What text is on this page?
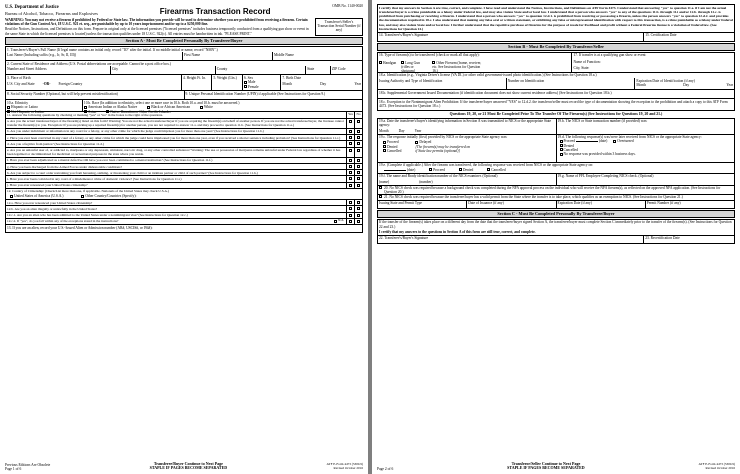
U.S. Department of Justice
Bureau of Alcohol, Tobacco, Firearms and Explosives	Firearms Transaction Record
OMB No. 1140-0020
WARNING: You may not receive a firearm if prohibited by Federal or State law. The information you provide will be used to determine whether you are prohibited from receiving a firearm. Certain violations of the Gun Control Act, 18 U.S.C. 921 et. seq., are punishable by up to 10 years imprisonment and/or up to a $250,000 fine.
Read the Notices, Instructions, and Definitions on this form. Prepare in original only at the licensed premises ("licensed premises" includes business temporarily conducted from a qualifying gun show or event in the same State in which the licensed premises is located) unless the transaction qualifies under 18 U.S.C. 922(c). All entries must be handwritten in ink. "PLEASE PRINT."
Transferor's/Seller's Transaction Serial Number (if any)
Section A - Must Be Completed Personally By Transferee/Buyer
1. Transferee's/Buyer's Full Name (If legal name contains an initial only, record "IO" after the initial. If no middle initial or name, record "NMN".)
Last Name (Including suffix (e.g., Jr, Sr, II, III))	First Name	Middle Name
2. Current State of Residence and Address (U.S. Postal abbreviations are acceptable. Cannot be a post office box.)
Number and Street Address	City	County	State	ZIP Code
3. Place of Birth
U.S. City and State -OR- Foreign Country
4. Height Ft. In.	5. Weight (Lbs.)	6. Sex
Male
Female
7. Birth Date
Month	Day	Year
8. Social Security Number (Optional, but will help prevent misidentification)	9. Unique Personal Identification Number (UPIN) if applicable (See Instructions for Question 9.)
10.a. Ethnicity
Hispanic or Latino
Not Hispanic or Latino
10.b. Race (In addition to ethnicity, select one or more race in 10.b. Both 10.a. and 10.b. must be answered.)
American Indian or Alaska Native	Black or African American	White
Asian	Native Hawaiian or Other Pacific Islander
11. Answer the following questions by checking or marking "yes" or "no" in the boxes to the right of the questions.	Yes	No
a. Are you the actual transferee/buyer of the firearm(s) listed on this form? Warning: You are not the actual transferee/buyer if you are acquiring the firearm(s) on behalf of another person. If you are not the actual transferee/buyer, the licensee cannot transfer the firearm(s) to you. Exception: If you are picking up a repaired firearm(s) for another person, you are not required to answer 11.a. and may proceed to question 11.b. (See Instructions for Question 11.a.)
b. Are you under indictment or information in any court for a felony, or any other crime for which the judge could imprison you for more than one year? (See Instructions for Question 11.b.)
c. Have you ever been convicted in any court of a felony, or any other crime for which the judge could have imprisoned you for more than one year, even if you received a shorter sentence including probation? (See Instructions for Question 11.c.)
d. Are you a fugitive from justice? (See Instructions for Question 11.d.)
e. Are you an unlawful user of, or addicted to, marijuana or any depressant, stimulant, narcotic drug, or any other controlled substance? Warning: The use or possession of marijuana remains unlawful under Federal law regardless of whether it has been legalized or decriminalized for medicinal or recreational purposes in the state where you reside.
f. Have you ever been adjudicated as a mental defective OR have you ever been committed to a mental institution? (See Instructions for Question 11.f.)
g. Have you been discharged from the Armed Forces under dishonorable conditions?
h. Are you subject to a court order restraining you from harassing, stalking, or threatening your child or an intimate partner or child of such partner? (See Instructions for Question 11.h.)
i. Have you ever been convicted in any court of a misdemeanor crime of domestic violence? (See Instructions for Question 11.i.)
j. Have you ever renounced your United States citizenship?
12. Country of Citizenship: (Check/List more than one, if applicable. Nationals of the United States may check U.S.A.)
United States of America (U.S.A.)	Other Country/Countries (Specify):
12.a. Have you ever renounced your United States citizenship?
12.b. Are you an alien illegally or unlawfully in the United States?
12.c.1. Are you an alien who has been admitted to the United States under a nonimmigrant visa? (See Instructions for Question 12.c.)
12.c.2. If "yes", do you fall within any of the exceptions stated in the instructions?	N/A
13. If you are an alien, record your U.S.-Issued Alien or Admission number (AR#, USCIS#, or I94#):
Previous Editions Are Obsolete
Page 1 of 6
Transferee/Buyer Continue to Next Page
STAPLE IF PAGES BECOME SEPARATED
ATF E-Form 4473 (5300.9)
Revised October 2016
I certify that my answers in Section A are true, correct, and complete. I have read and understand the Notices, Instructions, and Definitions on ATF Form 4473. I understand that answering "yes" to question 11.a. if I am not the actual transferee/buyer is a crime punishable as a felony under Federal law, and may also violate State and/or local law. I understand that a person who answers "yes" to any of the questions 11.b. through 11.i and/or 12.b. through 12.c. is prohibited from purchasing or receiving a firearm. I understand that a person who answers "yes" to question 12.d.1. is prohibited from receiving or possessing a firearm, unless the person answers "yes" to question 12.d.2. and provides the documentation required in 18.c. I also understand that making any false oral or written statement, or exhibiting any false or misrepresented identification with respect to this transaction, is a crime punishable as a felony under Federal law, and may also violate State and/or local law. I further understand that the repetitive purchase of firearms for the purpose of resale for livelihood and profit without a Federal firearms license is a violation of Federal law. (See Instructions for Question 14.)
14. Transferee's/Buyer's Signature	15. Certification Date
Section B - Must Be Completed By Transferor/Seller
16. Type of firearm(s) to be transferred (check or mark all that apply):
Handgun	Long Gun (rifles or shotguns)
Other Firearm (frame, receiver, etc. See Instructions for Question 16.)
17. If transfer is at a qualifying gun show or event:
Name of Function:
City, State:
18.a. Identification (e.g., Virginia Driver's license (VA DL) or other valid government-issued photo identification.) (See Instructions for Question 18.a.)
Issuing Authority and Type of Identification	Number on Identification	Expiration Date of Identification (if any)
Month	Day	Year
18.b. Supplemental Government Issued Documentation (if identification document does not show current residence address) (See Instructions for Question 18.b.)
18.c. Exception to the Nonimmigrant Alien Prohibition: If the transferee/buyer answered "YES" to 12.d.2. the transferor/seller must record the type of documentation showing the exception to the prohibition and attach a copy to this ATF Form 4473. (See Instructions for Question 18.c.)
Questions 19, 20, or 21 Must Be Completed Prior To The Transfer Of The Firearm(s) (See Instructions for Questions 19, 20 and 21.)
19.a. Date the transferee's/buyer's identifying information in Section A was transmitted to NICS or the appropriate State agency:
Month	Day	Year
19.b. The NICS or State transaction number (if provided) was:
19.c. The response initially (first) provided by NICS or the appropriate State agency was:
Proceed
Denied
Cancelled
Delayed
[The firearm(s) may be transferred on
if State law permits (optional)]
19.d. The following response(s) was/were later received from NICS or the appropriate State agency:
Proceed	(date)
Denied
Cancelled
Overturned
No response was provided within 3 business days.
19.e. (Complete if applicable.) After the firearm was transferred, the following response was received from NICS or the appropriate State agency on:
(date)	Proceed	Denied	Cancelled
19.f. The name and Brady identification number of the NICS examiner. (Optional)
(name)	(number)
19.g. Name of FFL Employee Completing NICS check. (Optional)
20. No NICS check was required because a background check was completed during the NFA approval process on the individual who will receive the NFA firearm(s), as reflected on the approved NFA application. (See Instructions for Question 20.)
21. No NICS check was required because the transferee/buyer has a valid permit from the State where the transfer is to take place, which qualifies as an exemption to NICS. (See Instructions for Question 21.)
Issuing State and Permit Type	Date of Issuance (if any)	Expiration Date (if any)	Permit Number (if any)
Section C - Must Be Completed Personally By Transferee/Buyer
If the transfer of the firearm(s) takes place on a different day from the date that the transferee/buyer signed Section A, the transferee/buyer must complete Section C immediately prior to the transfer of the firearm(s). (See Instructions for Question 22 and 23.)
I certify that my answers to the questions in Section A of this form are still true, correct, and complete.
22. Transferee's/Buyer's Signature	23. Recertification Date
Page 2 of 6
Transferor/Seller Continue to Next Page
STAPLE IF PAGES BECOME SEPARATED
ATF E-Form 4473 (5300.9)
Revised October 2016
